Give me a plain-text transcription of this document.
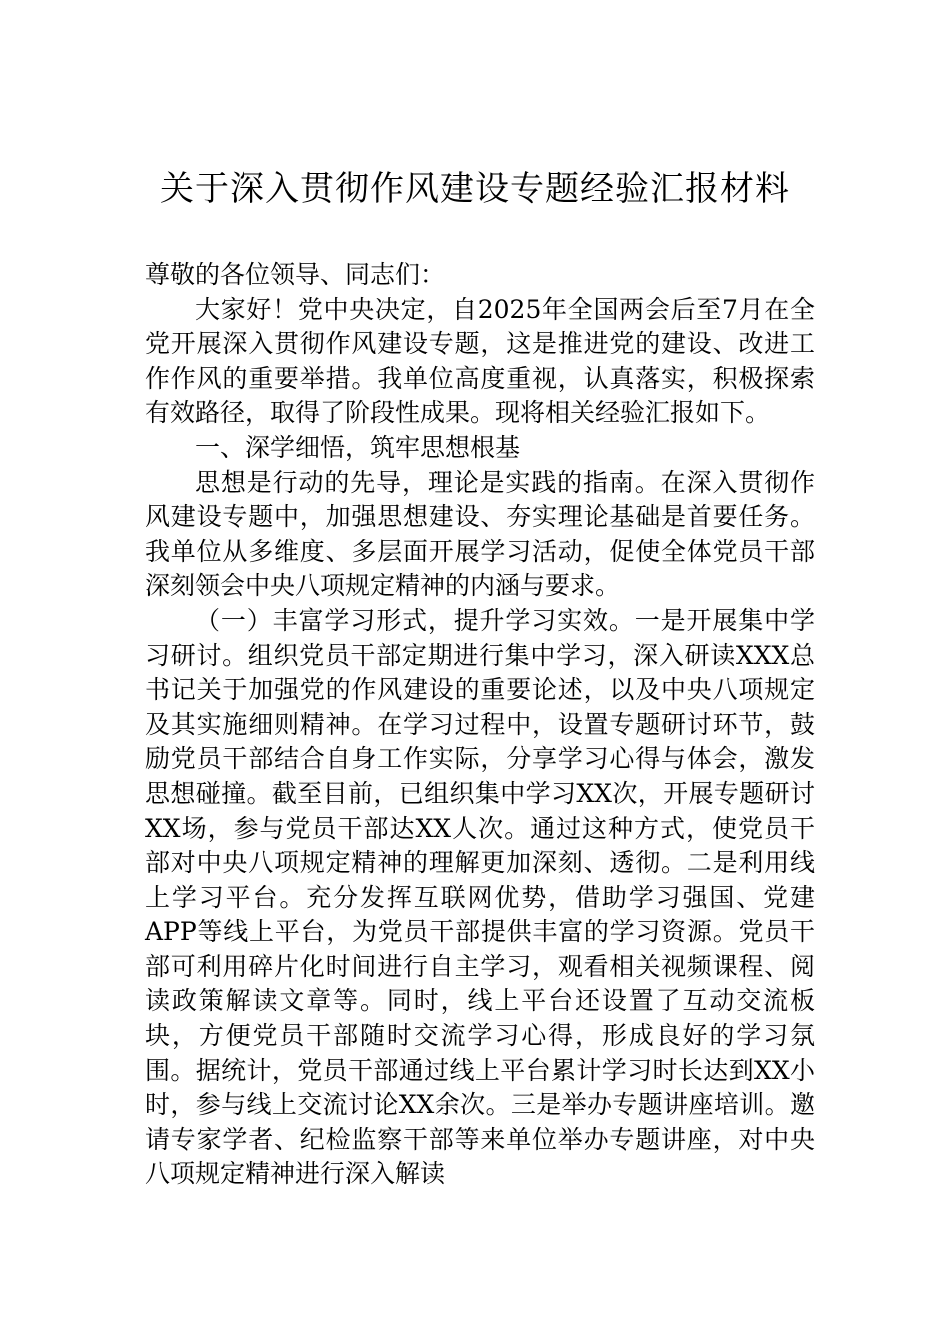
关于深入贯彻作风建设专题经验汇报材料

尊敬的各位领导、同志们：

大家好！党中央决定，自2025年全国两会后至7月在全党开展深入贯彻作风建设专题，这是推进党的建设、改进工作作风的重要举措。我单位高度重视，认真落实，积极探索有效路径，取得了阶段性成果。现将相关经验汇报如下。

一、深学细悟，筑牢思想根基

思想是行动的先导，理论是实践的指南。在深入贯彻作风建设专题中，加强思想建设、夯实理论基础是首要任务。我单位从多维度、多层面开展学习活动，促使全体党员干部深刻领会中央八项规定精神的内涵与要求。

（一）丰富学习形式，提升学习实效。一是开展集中学习研讨。组织党员干部定期进行集中学习，深入研读XXX总书记关于加强党的作风建设的重要论述，以及中央八项规定及其实施细则精神。在学习过程中，设置专题研讨环节，鼓励党员干部结合自身工作实际，分享学习心得与体会，激发思想碰撞。截至目前，已组织集中学习XX次，开展专题研讨XX场，参与党员干部达XX人次。通过这种方式，使党员干部对中央八项规定精神的理解更加深刻、透彻。二是利用线上学习平台。充分发挥互联网优势，借助学习强国、党建APP等线上平台，为党员干部提供丰富的学习资源。党员干部可利用碎片化时间进行自主学习，观看相关视频课程、阅读政策解读文章等。同时，线上平台还设置了互动交流板块，方便党员干部随时交流学习心得，形成良好的学习氛围。据统计，党员干部通过线上平台累计学习时长达到XX小时，参与线上交流讨论XX余次。三是举办专题讲座培训。邀请专家学者、纪检监察干部等来单位举办专题讲座，对中央八项规定精神进行深入解读
